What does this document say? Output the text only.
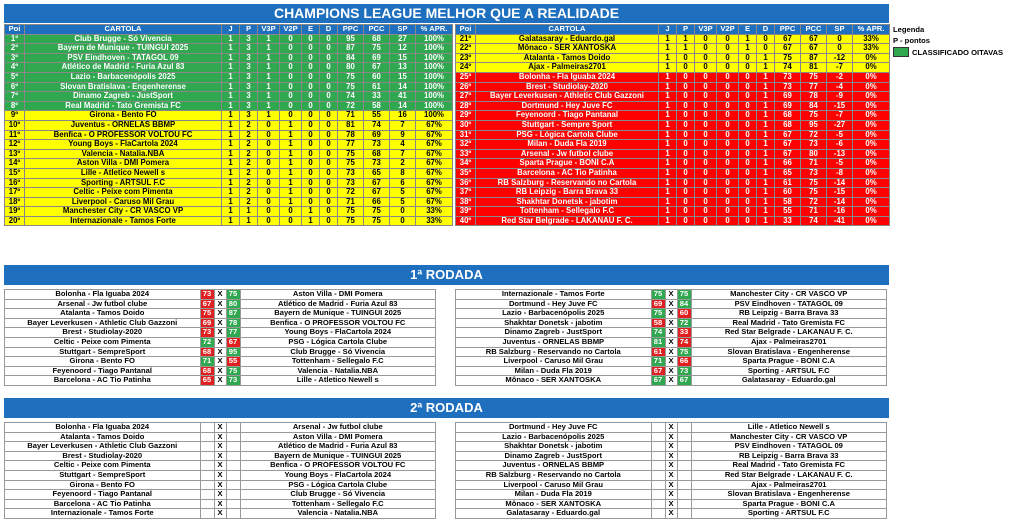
CHAMPIONS LEAGUE MELHOR QUE A REALIDADE
Poi	CARTOLA	J	P	V3P	V2P	E	D	PPC	PCC	SP	% APR.
1º	Club Brugge - Só Vivencia	1	3	1	0	0	0	95	68	27	100%
2º	Bayern de Munique - TUINGUI 2025	1	3	1	0	0	0	87	75	12	100%
3º	PSV Eindhoven - TATAGOL 09	1	3	1	0	0	0	84	69	15	100%
4º	Atlético de Madrid - Furia Azul 83	1	3	1	0	0	0	80	67	13	100%
5º	Lazio - Barbacenópolis 2025	1	3	1	0	0	0	75	60	15	100%
6º	Slovan Bratislava - Engenherense	1	3	1	0	0	0	75	61	14	100%
7º	Dinamo Zagreb - JustSport	1	3	1	0	0	0	74	33	41	100%
8º	Real Madrid - Tato Gremista FC	1	3	1	0	0	0	72	58	14	100%
9º	Girona - Bento FO	1	3	1	0	0	0	71	55	16	100%
10º	Juventus - ORNELAS BBMP	1	2	0	1	0	0	81	74	7	67%
11º	Benfica - O PROFESSOR VOLTOU FC	1	2	0	1	0	0	78	69	9	67%
12º	Young Boys - FlaCartola 2024	1	2	0	1	0	0	77	73	4	67%
13º	Valencia - Natalia.NBA	1	2	0	1	0	0	75	68	7	67%
14º	Aston Villa - DMI Pomera	1	2	0	1	0	0	75	73	2	67%
15º	Lille - Atletico Newell s	1	2	0	1	0	0	73	65	8	67%
16º	Sporting - ARTSUL F.C	1	2	0	1	0	0	73	67	6	67%
17º	Celtic - Peixe com Pimenta	1	2	0	1	0	0	72	67	5	67%
18º	Liverpool - Caruso Mil Grau	1	2	0	1	0	0	71	66	5	67%
19º	Manchester City - CR VASCO VP	1	1	0	0	1	0	75	75	0	33%
20º	Internazionale - Tamos Forte	1	1	0	0	1	0	75	75	0	33%
Poi	CARTOLA	J	P	V3P	V2P	E	D	PPC	PCC	SP	% APR.
21º	Galatasaray - Eduardo.gal	1	1	0	0	1	0	67	67	0	33%
22º	Mônaco - SER XANTOSKA	1	1	0	0	1	0	67	67	0	33%
23º	Atalanta - Tamos Doido	1	0	0	0	0	1	75	87	-12	0%
24º	Ajax - Palmeiras2701	1	0	0	0	0	1	74	81	-7	0%
25º	Bolonha - Fla Iguaba 2024	1	0	0	0	0	1	73	75	-2	0%
26º	Brest - Studiolay-2020	1	0	0	0	0	1	73	77	-4	0%
27º	Bayer Leverkusen - Athletic Club Gazzoni	1	0	0	0	0	1	69	78	-9	0%
28º	Dortmund - Hey Juve FC	1	0	0	0	0	1	69	84	-15	0%
29º	Feyenoord - Tiago Pantanal	1	0	0	0	0	1	68	75	-7	0%
30º	Stuttgart - Sempre Sport	1	0	0	0	0	1	68	95	-27	0%
31º	PSG - Lógica Cartola Clube	1	0	0	0	0	1	67	72	-5	0%
32º	Milan - Duda Fla 2019	1	0	0	0	0	1	67	73	-6	0%
33º	Arsenal - Jw futbol clube	1	0	0	0	0	1	67	80	-13	0%
34º	Sparta Prague - BONI C.A	1	0	0	0	0	1	66	71	-5	0%
35º	Barcelona - AC Tio Patinha	1	0	0	0	0	1	65	73	-8	0%
36º	RB Salzburg - Reservando no Cartola	1	0	0	0	0	1	61	75	-14	0%
37º	RB Leipzig - Barra Brava 33	1	0	0	0	0	1	60	75	-15	0%
38º	Shakhtar Donetsk - jabotim	1	0	0	0	0	1	58	72	-14	0%
39º	Tottenham - Sellegalo F.C	1	0	0	0	0	1	55	71	-16	0%
40º	Red Star Belgrade - LAKANAU F. C.	1	0	0	0	0	1	33	74	-41	0%
Legenda
P - pontos
CLASSIFICADO OITAVAS
1ª RODADA
Bolonha - Fla Iguaba 2024	73	X	75	Aston Villa - DMI Pomera
Arsenal - Jw futbol clube	67	X	80	Atlético de Madrid - Furia Azul 83
Atalanta - Tamos Doido	75	X	87	Bayern de Munique - TUINGUI 2025
Bayer Leverkusen - Athletic Club Gazzoni	69	X	78	Benfica - O PROFESSOR VOLTOU FC
Brest - Studiolay-2020	73	X	77	Young Boys - FlaCartola 2024
Celtic - Peixe com Pimenta	72	X	67	PSG - Lógica Cartola Clube
Stuttgart - SempreSport	68	X	95	Club Brugge - Só Vivencia
Girona - Bento FO	71	X	55	Tottenham - Sellegalo F.C
Feyenoord - Tiago Pantanal	68	X	75	Valencia - Natalia.NBA
Barcelona - AC Tio Patinha	65	X	73	Lille - Atletico Newell s
Internazionale - Tamos Forte	75	X	75	Manchester City - CR VASCO VP
Dortmund - Hey Juve FC	69	X	84	PSV Eindhoven - TATAGOL 09
Lazio - Barbacenópolis 2025	75	X	60	RB Leipzig - Barra Brava 33
Shakhtar Donetsk - jabotim	58	X	72	Real Madrid - Tato Gremista FC
Dinamo Zagreb - JustSport	74	X	33	Red Star Belgrade - LAKANAU F. C.
Juventus - ORNELAS BBMP	81	X	74	Ajax - Palmeiras2701
RB Salzburg - Reservando no Cartola	61	X	75	Slovan Bratislava - Engenherense
Liverpool - Caruso Mil Grau	71	X	66	Sparta Prague - BONI C.A
Milan - Duda Fla 2019	67	X	73	Sporting - ARTSUL F.C
Mônaco - SER XANTOSKA	67	X	67	Galatasaray - Eduardo.gal
2ª RODADA
Bolonha - Fla Iguaba 2024		X		Arsenal - Jw futbol clube
Atalanta - Tamos Doido		X		Aston Villa - DMI Pomera
Bayer Leverkusen - Athletic Club Gazzoni		X		Atlético de Madrid - Furia Azul 83
Brest - Studiolay-2020		X		Bayern de Munique - TUINGUI 2025
Celtic - Peixe com Pimenta		X		Benfica - O PROFESSOR VOLTOU FC
Stuttgart - SempreSport		X		Young Boys - FlaCartola 2024
Girona - Bento FO		X		PSG - Lógica Cartola Clube
Feyenoord - Tiago Pantanal		X		Club Brugge - Só Vivencia
Barcelona - AC Tio Patinha		X		Tottenham - Sellegalo F.C
Internazionale - Tamos Forte		X		Valencia - Natalia.NBA
Dortmund - Hey Juve FC		X		Lille - Atletico Newell s
Lazio - Barbacenópolis 2025		X		Manchester City - CR VASCO VP
Shakhtar Donetsk - jabotim		X		PSV Eindhoven - TATAGOL 09
Dinamo Zagreb - JustSport		X		RB Leipzig - Barra Brava 33
Juventus - ORNELAS BBMP		X		Real Madrid - Tato Gremista FC
RB Salzburg - Reservando no Cartola		X		Red Star Belgrade - LAKANAU F. C.
Liverpool - Caruso Mil Grau		X		Ajax - Palmeiras2701
Milan - Duda Fla 2019		X		Slovan Bratislava - Engenherense
Mônaco - SER XANTOSKA		X		Sparta Prague - BONI C.A
Galatasaray - Eduardo.gal		X		Sporting - ARTSUL F.C
